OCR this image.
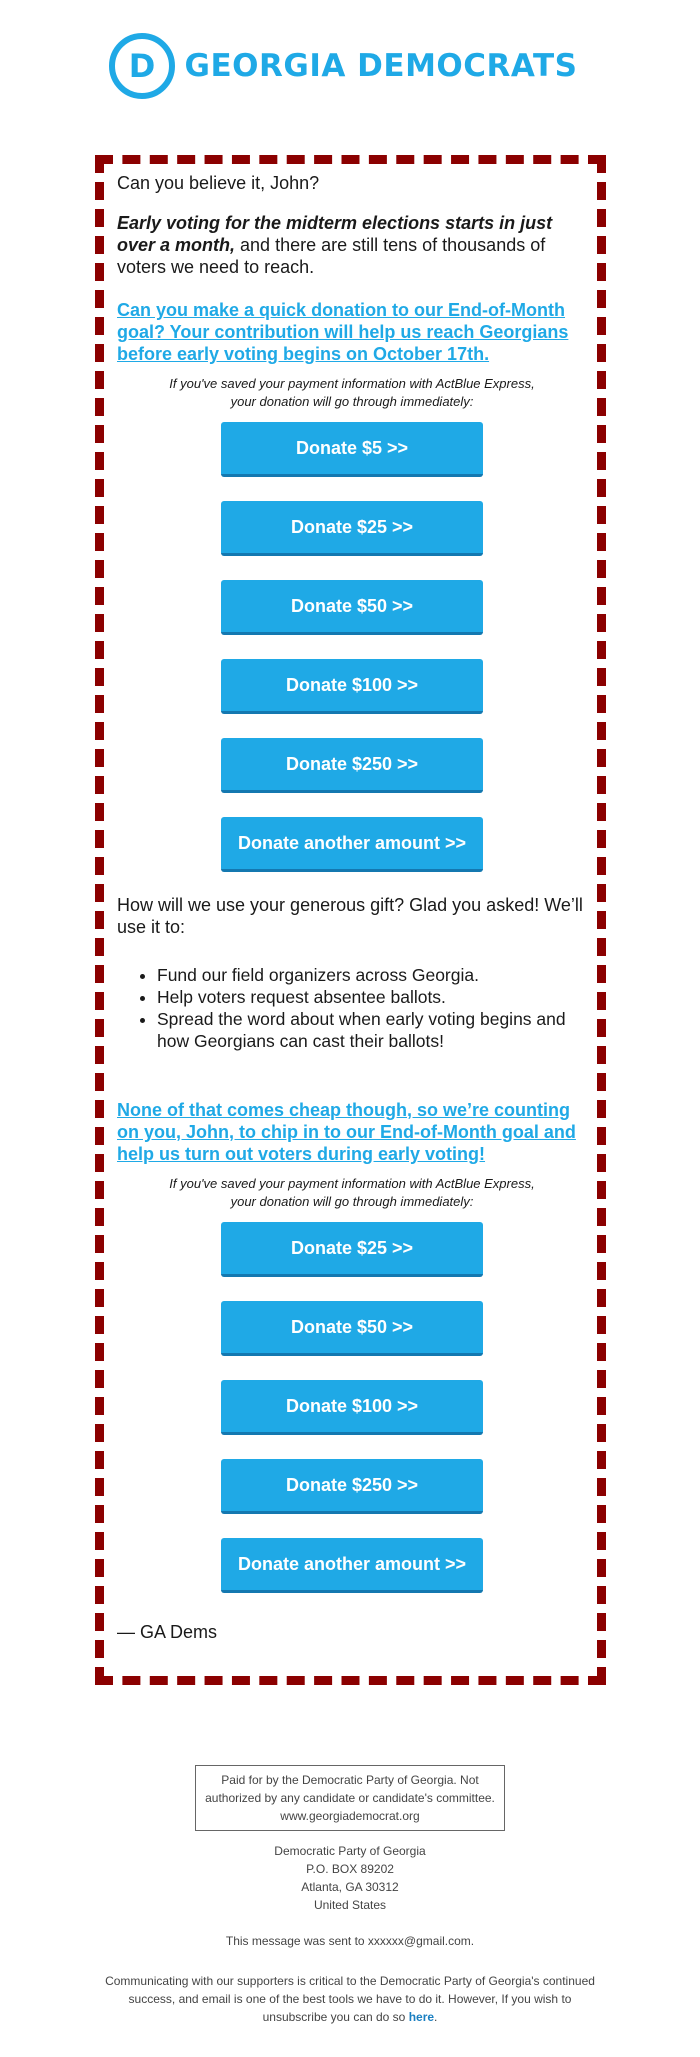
D GEORGIA DEMOCRATS

Can you believe it, John?

Early voting for the midterm elections starts in just over a month, and there are still tens of thousands of voters we need to reach.

Can you make a quick donation to our End-of-Month goal? Your contribution will help us reach Georgians before early voting begins on October 17th.

If you've saved your payment information with ActBlue Express,
your donation will go through immediately:

Donate $5 >>
Donate $25 >>
Donate $50 >>
Donate $100 >>
Donate $250 >>
Donate another amount >>

How will we use your generous gift? Glad you asked! We’ll use it to:

• Fund our field organizers across Georgia.
• Help voters request absentee ballots.
• Spread the word about when early voting begins and how Georgians can cast their ballots!
None of that comes cheap though, so we’re counting on you, John, to chip in to our End-of-Month goal and help us turn out voters during early voting!

If you've saved your payment information with ActBlue Express,
your donation will go through immediately:

Donate $25 >>
Donate $50 >>
Donate $100 >>
Donate $250 >>
Donate another amount >>

— GA Dems

Paid for by the Democratic Party of Georgia. Not authorized by any candidate or candidate's committee. www.georgiademocrat.org
Democratic Party of Georgia
P.O. BOX 89202
Atlanta, GA 30312
United States
This message was sent to xxxxxx@gmail.com.
Communicating with our supporters is critical to the Democratic Party of Georgia's continued success, and email is one of the best tools we have to do it. However, If you wish to unsubscribe you can do so here.
